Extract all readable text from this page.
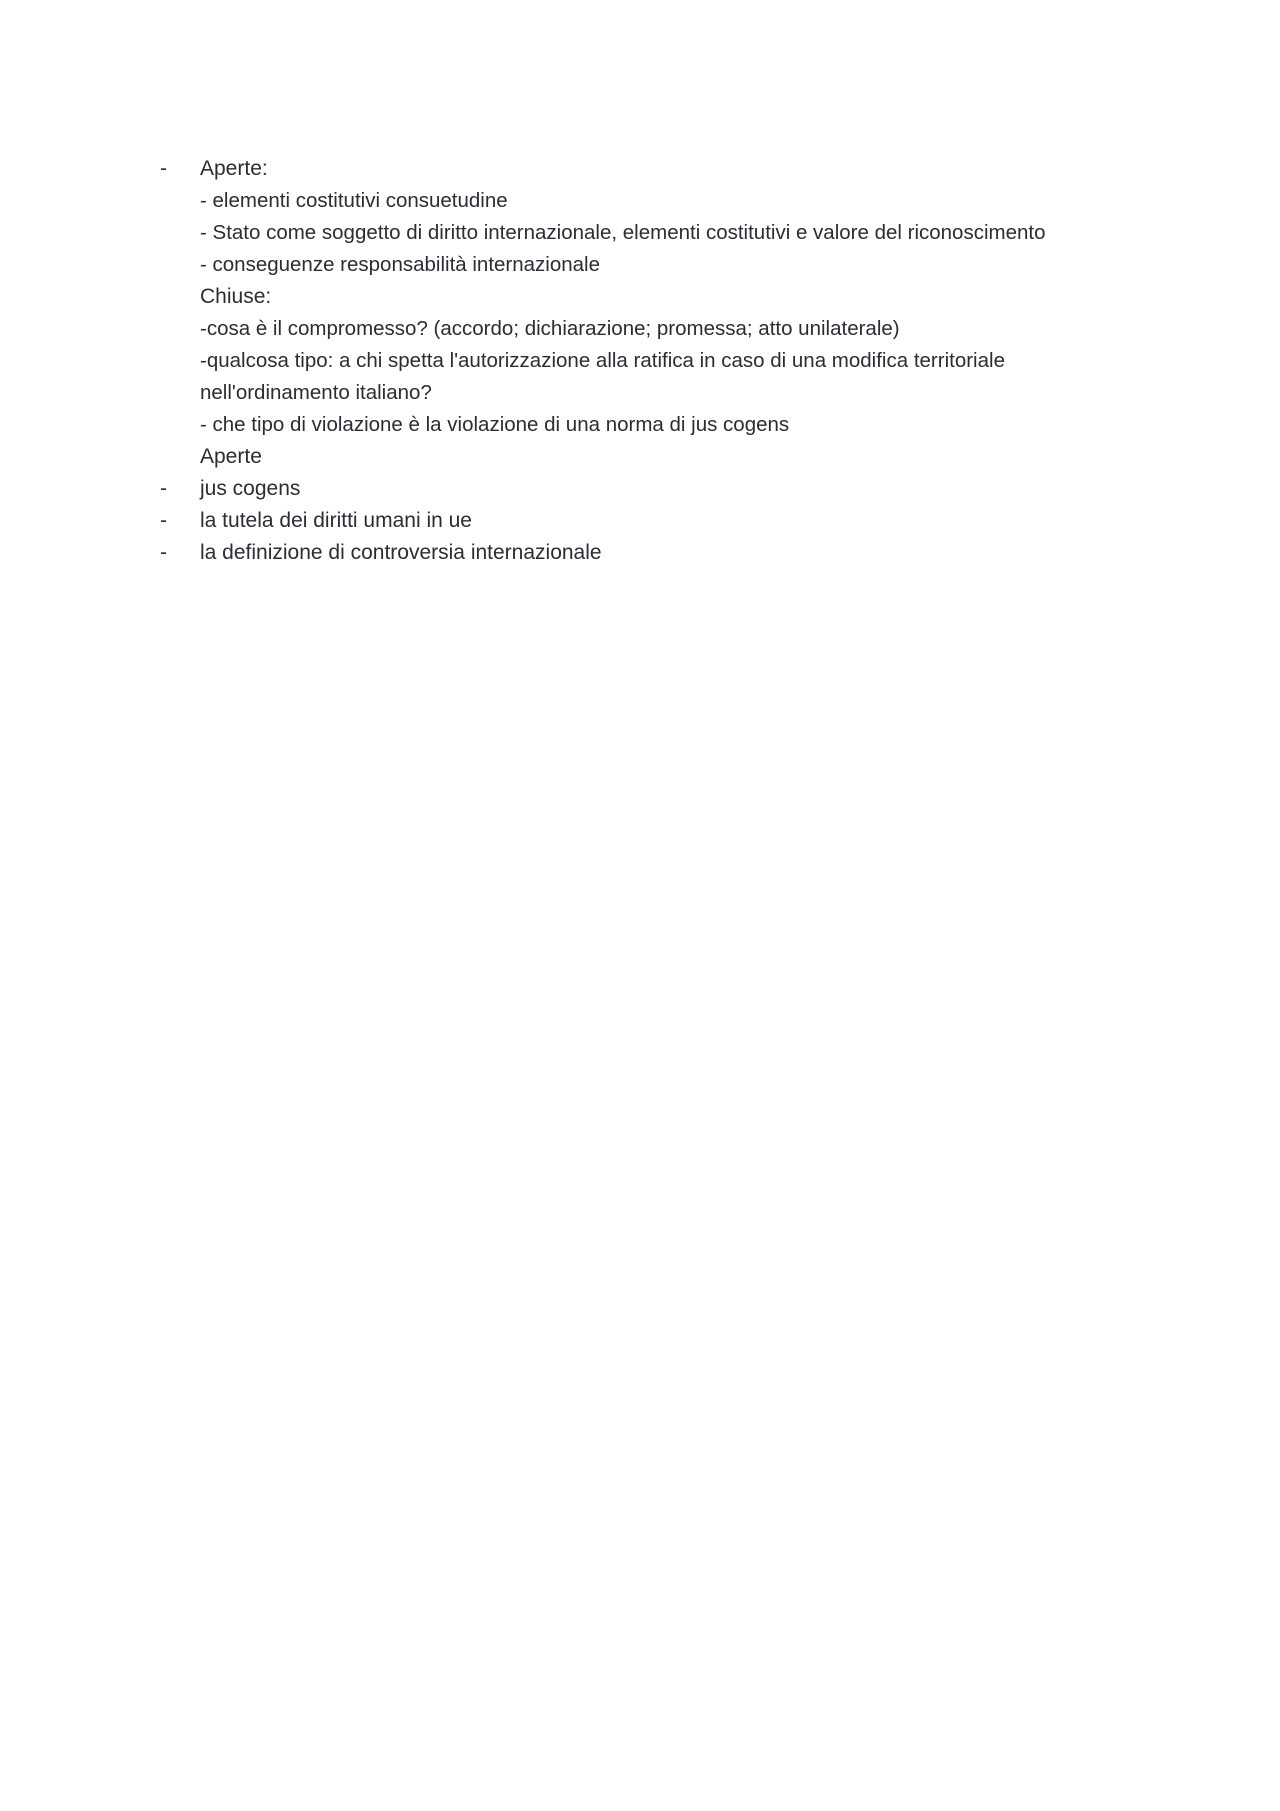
- Aperte:
- elementi costitutivi consuetudine
- Stato come soggetto di diritto internazionale, elementi costitutivi e valore del riconoscimento
- conseguenze responsabilità internazionale
Chiuse:
-cosa è il compromesso? (accordo; dichiarazione; promessa; atto unilaterale)
-qualcosa tipo: a chi spetta l'autorizzazione alla ratifica in caso di una modifica territoriale
nell'ordinamento italiano?
- che tipo di violazione è la violazione di una norma di jus cogens
Aperte
- jus cogens
- la tutela dei diritti umani in ue
- la definizione di controversia internazionale
